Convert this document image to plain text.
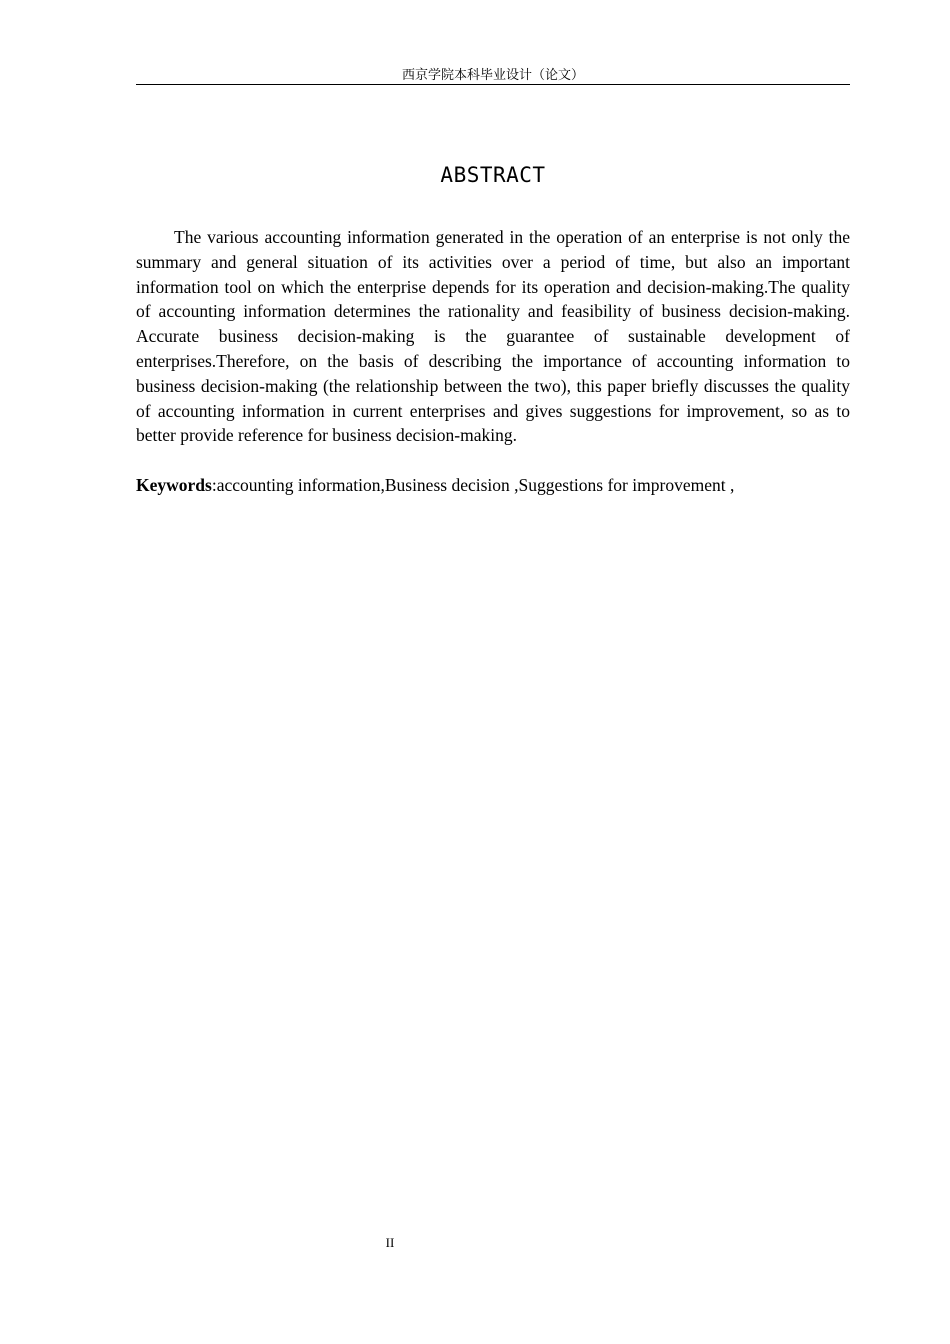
西京学院本科毕业设计（论文）
ABSTRACT

The various accounting information generated in the operation of an enterprise is not only the summary and general situation of its activities over a period of time, but also an important information tool on which the enterprise depends for its operation and decision-making.The quality of accounting information determines the rationality and feasibility of business decision-making. Accurate business decision-making is the guarantee of sustainable development of enterprises.Therefore, on the basis of describing the importance of accounting information to business decision-making (the relationship between the two), this paper briefly discusses the quality of accounting information in current enterprises and gives suggestions for improvement, so as to better provide reference for business decision-making.

Keywords:accounting information,Business decision ,Suggestions for improvement ,

II
